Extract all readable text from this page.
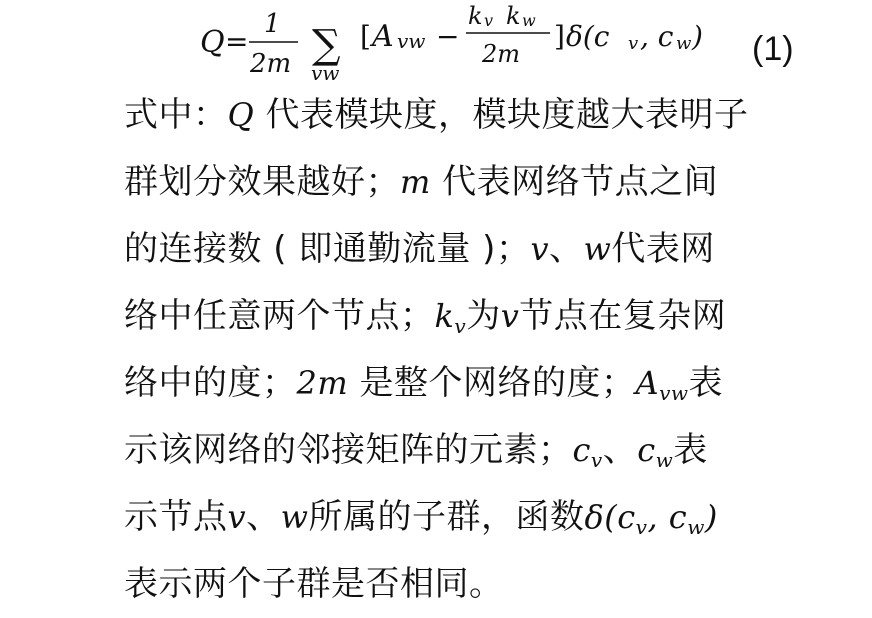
Q =
1
2m ∑
vw
[ A vw −
k v k w
2m
] δ(c v , c w ) (1)
式中：Q 代表模块度，模块度越大表明子
群划分效果越好；m 代表网络节点之间
的连接数 ( 即通勤流量 )；v、w代表网
络中任意两个节点；$k_v$为v节点在复杂网
络中的度；2m 是整个网络的度；$A_{vw}$表
示该网络的邻接矩阵的元素；$c_v$、$c_w$表
示节点v、w所属的子群，函数$\delta(c_v$, $c_w$)
表示两个子群是否相同。
